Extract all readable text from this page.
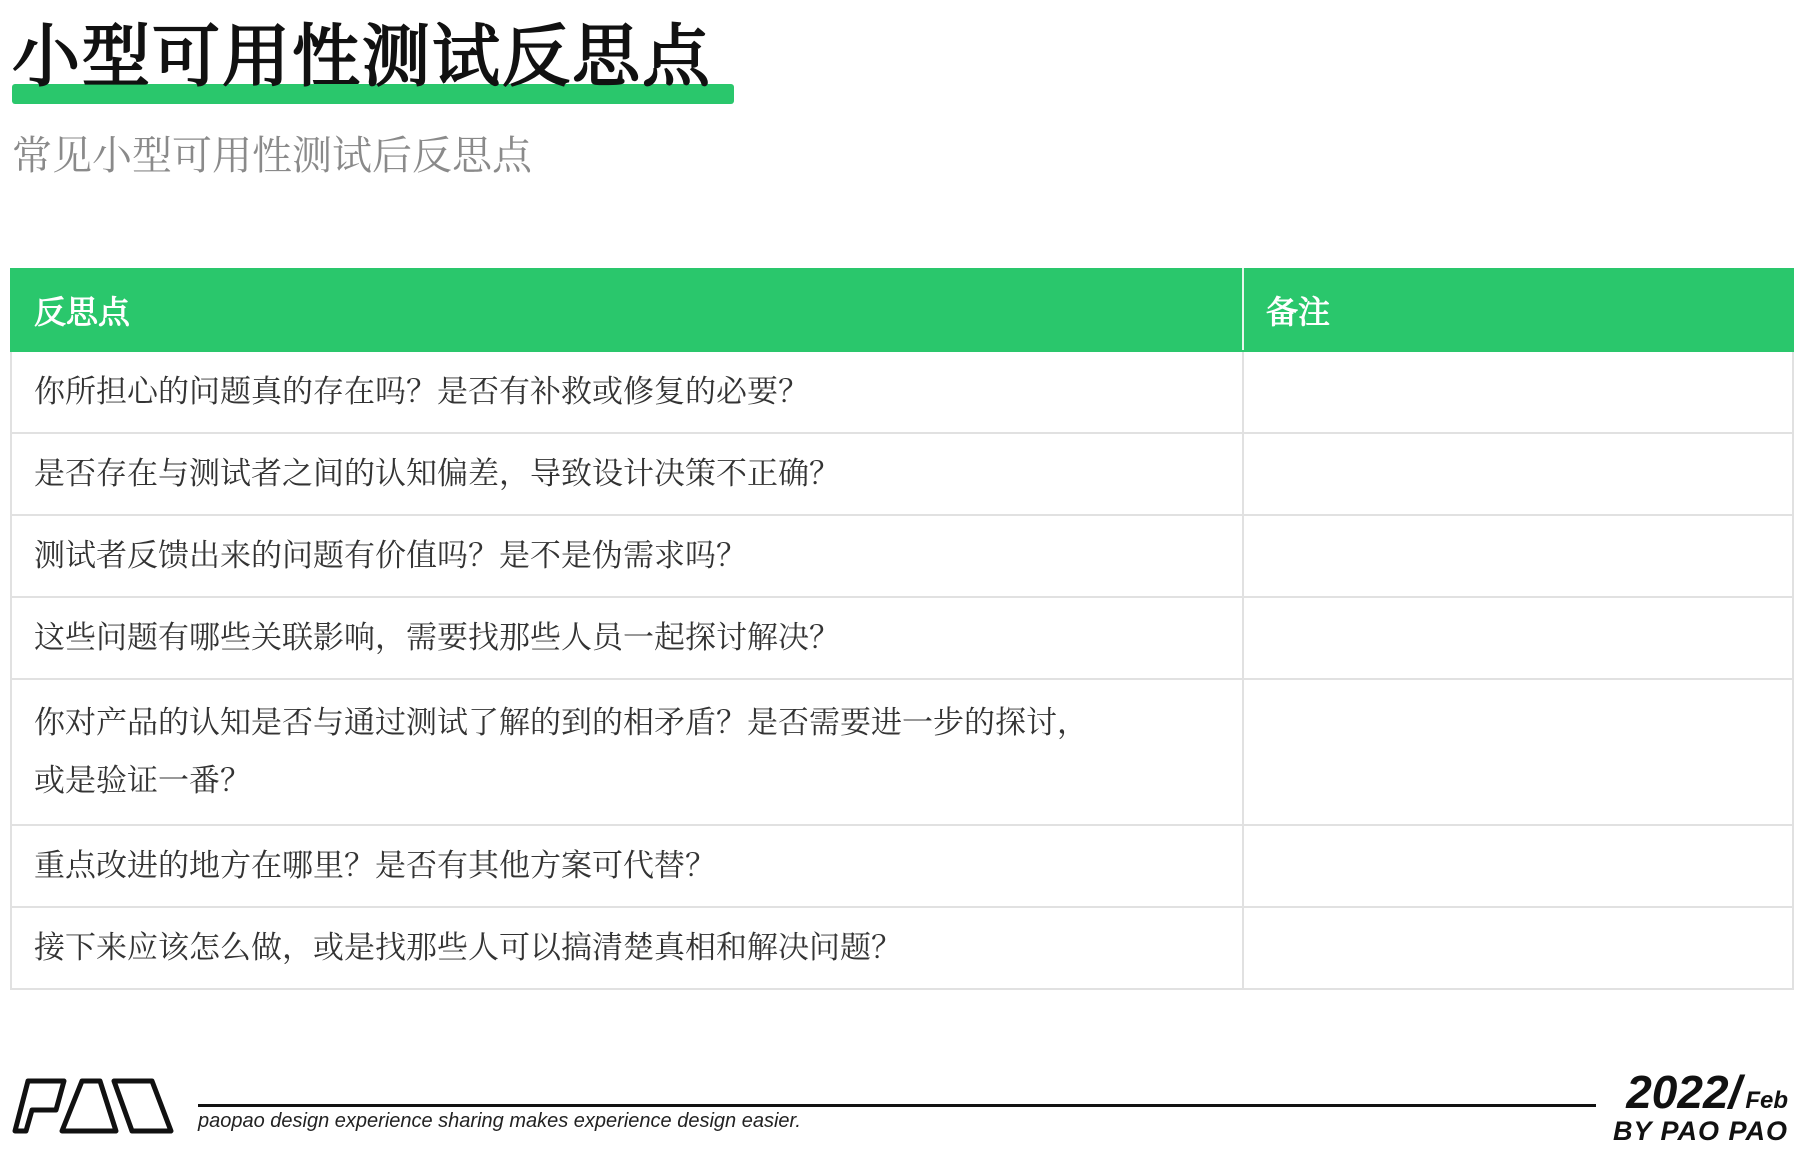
小型可用性测试反思点

常见小型可用性测试后反思点

反思点	备注
你所担心的问题真的存在吗？是否有补救或修复的必要？	
是否存在与测试者之间的认知偏差，导致设计决策不正确？	
测试者反馈出来的问题有价值吗？是不是伪需求吗？	
这些问题有哪些关联影响，需要找那些人员一起探讨解决？	
你对产品的认知是否与通过测试了解的到的相矛盾？是否需要进一步的探讨，
或是验证一番？	
重点改进的地方在哪里？是否有其他方案可代替？	
接下来应该怎么做，或是找那些人可以搞清楚真相和解决问题？	

paopao design experience sharing makes experience design easier.

2022/ Feb
BY PAO PAO
